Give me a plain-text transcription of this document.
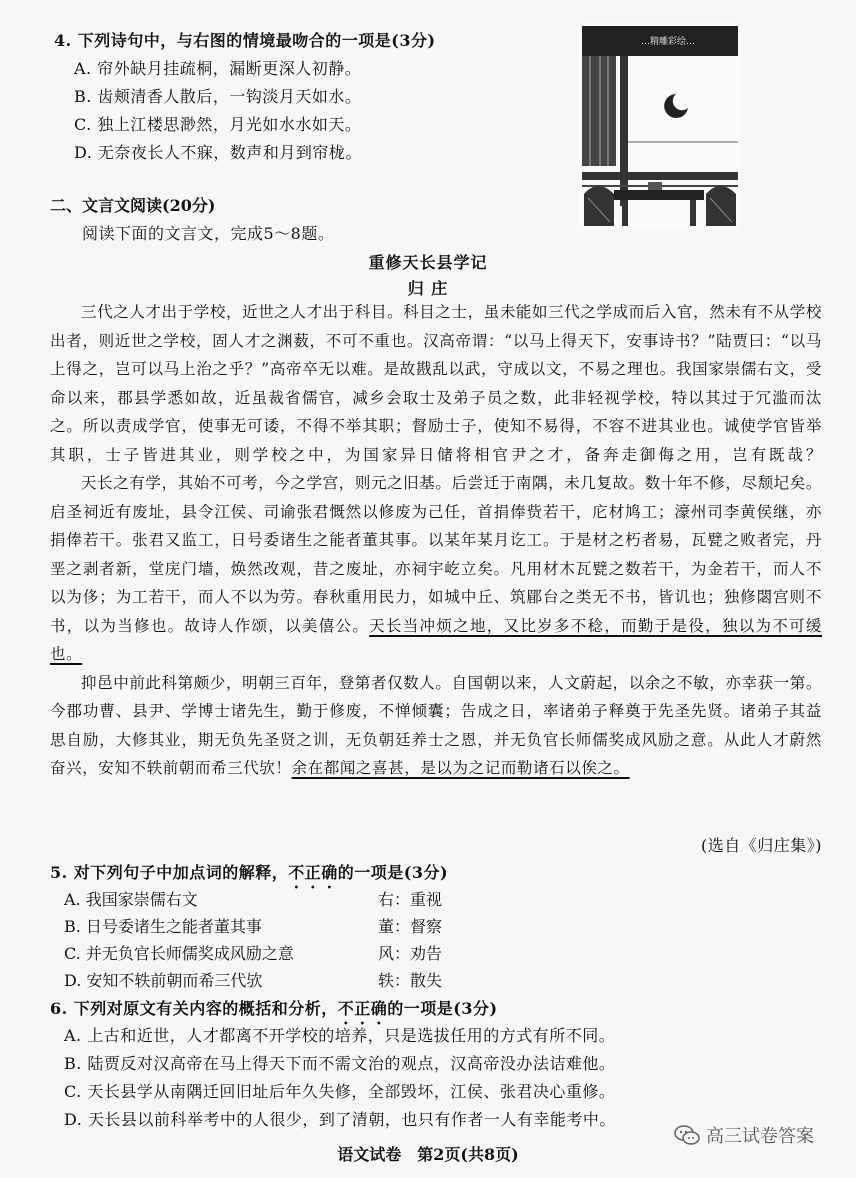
4. 下列诗句中，与右图的情境最吻合的一项是(3分)
A. 帘外缺月挂疏桐，漏断更深人初静。
B. 齿颊清香人散后，一钩淡月天如水。
C. 独上江楼思渺然，月光如水水如天。
D. 无奈夜长人不寐，数声和月到帘栊。
…精雕彩绘…
二、文言文阅读(20分)
阅读下面的文言文，完成5～8题。
重修天长县学记
归 庄

三代之人才出于学校，近世之人才出于科目。科目之士，虽未能如三代之学成而后入官，然未有不从学校出者，则近世之学校，固人才之渊薮，不可不重也。汉高帝谓：“以马上得天下，安事诗书？”陆贾曰：“以马上得之，岂可以马上治之乎？”高帝卒无以难。是故戡乱以武，守成以文，不易之理也。我国家崇儒右文，受命以来，郡县学悉如故，近虽裁省儒官，减乡会取士及弟子员之数，此非轻视学校，特以其过于冗滥而汰之。所以责成学官，使事无可诿，不得不举其职；督励士子，使知不易得，不容不进其业也。诚使学官皆举其职，士子皆进其业，则学校之中，为国家异日储将相官尹之才，备奔走御侮之用，岂有既哉？

天长之有学，其始不可考，今之学宫，则元之旧基。后尝迁于南隅，未几复故。数十年不修，尽颓圮矣。启圣祠近有废址，县令江侯、司谕张君慨然以修废为己任，首捐俸赀若干，庀材鸠工；濠州司李黄侯继，亦捐俸若干。张君又监工，日号委诸生之能者董其事。以某年某月讫工。于是材之朽者易，瓦甓之败者完，丹垩之剥者新，堂庑门墙，焕然改观，昔之废址，亦祠宇屹立矣。凡用材木瓦甓之数若干，为金若干，而人不以为侈；为工若干，而人不以为劳。春秋重用民力，如城中丘、筑郿台之类无不书，皆讥也；独修閟宫则不书，以为当修也。故诗人作颂，以美僖公。天长当冲烦之地，又比岁多不稔，而勤于是役，独以为不可缓也。

抑邑中前此科第颇少，明朝三百年，登第者仅数人。自国朝以来，人文蔚起，以余之不敏，亦幸获一第。今郡功曹、县尹、学博士诸先生，勤于修废，不惮倾囊；告成之日，率诸弟子释奠于先圣先贤。诸弟子其益思自励，大修其业，期无负先圣贤之训，无负朝廷养士之恩，并无负官长师儒奖成风励之意。从此人才蔚然奋兴，安知不轶前朝而希三代欤！余在都闻之喜甚，是以为之记而勒诸石以俟之。

(选自《归庄集》)
5. 对下列句子中加点词的解释，不正确的一项是(3分)
A. 我国家崇儒右文	右：重视
B. 日号委诸生之能者董其事	董：督察
C. 并无负官长师儒奖成风励之意	风：劝告
D. 安知不轶前朝而希三代欤	轶：散失
6. 下列对原文有关内容的概括和分析，不正确的一项是(3分)
A. 上古和近世，人才都离不开学校的培养，只是选拔任用的方式有所不同。
B. 陆贾反对汉高帝在马上得天下而不需文治的观点，汉高帝没办法诘难他。
C. 天长县学从南隅迁回旧址后年久失修，全部毁坏，江侯、张君决心重修。
D. 天长县以前科举考中的人很少，到了清朝，也只有作者一人有幸能考中。
语文试卷　第2页(共8页)
高三试卷答案
